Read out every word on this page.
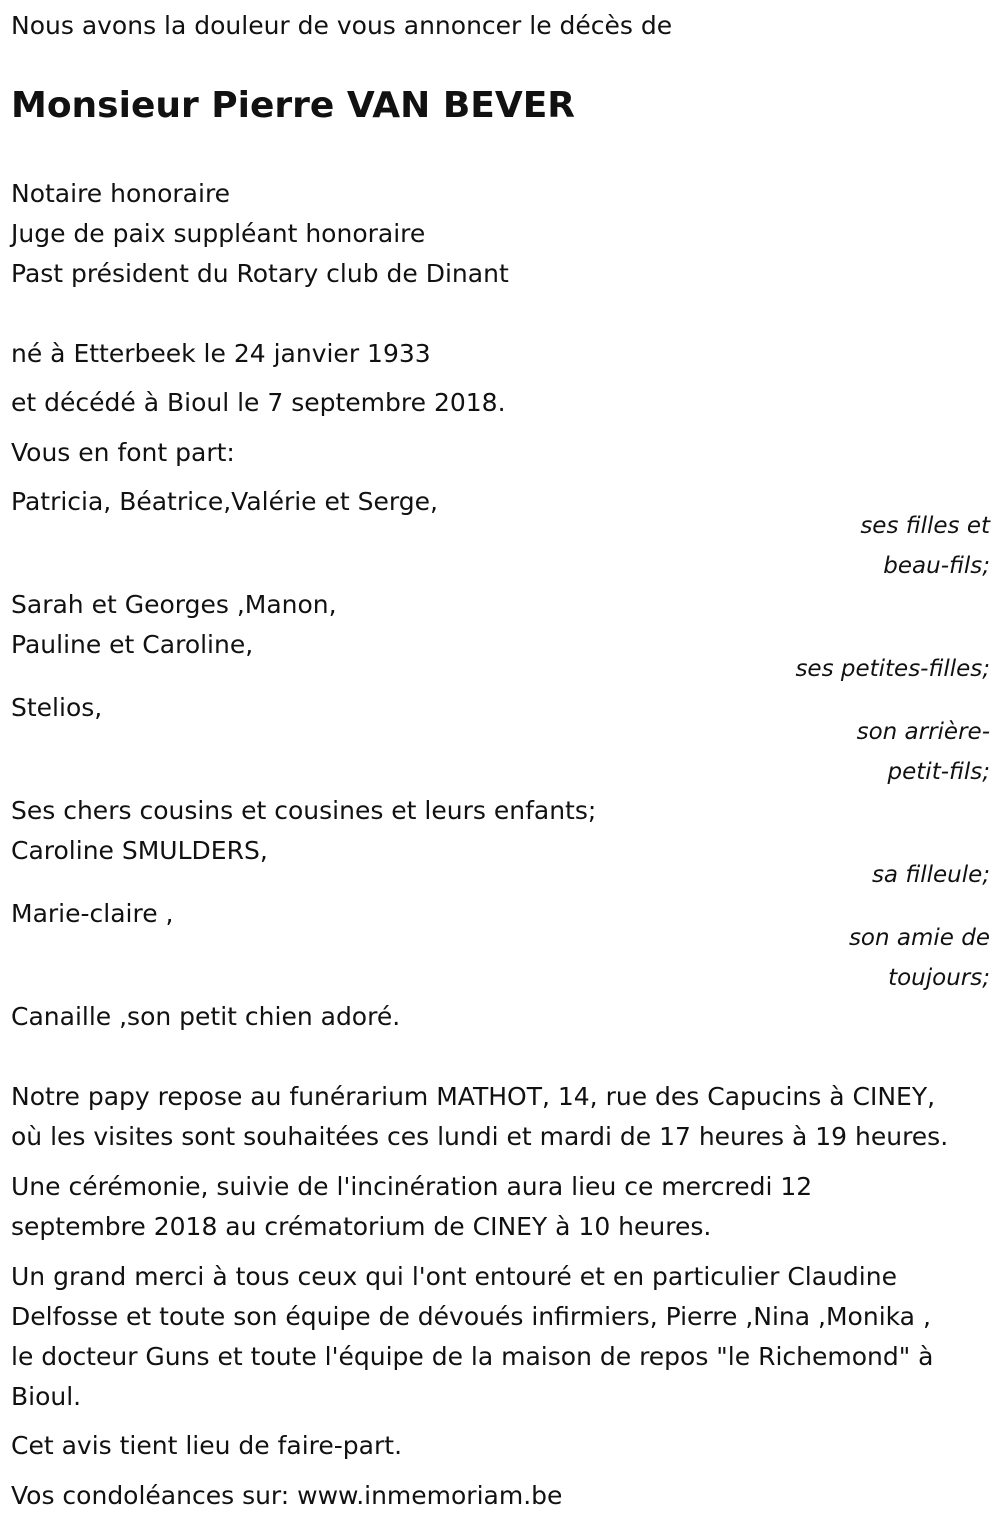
Nous avons la douleur de vous annoncer le décès de
Monsieur Pierre VAN BEVER
Notaire honoraire
Juge de paix suppléant honoraire
Past président du Rotary club de Dinant
né à Etterbeek le 24 janvier 1933
et décédé à Bioul le 7 septembre 2018.
Vous en font part:
Patricia, Béatrice,Valérie et Serge,
ses filles et
beau-fils;
Sarah et Georges ,Manon,
Pauline et Caroline,
ses petites-filles;
Stelios,
son arrière-
petit-fils;
Ses chers cousins et cousines et leurs enfants;
Caroline SMULDERS,
sa filleule;
Marie-claire ,
son amie de
toujours;
Canaille ,son petit chien adoré.
Notre papy repose au funérarium MATHOT, 14, rue des Capucins à CINEY,
où les visites sont souhaitées ces lundi et mardi de 17 heures à 19 heures.
Une cérémonie, suivie de l'incinération aura lieu ce mercredi 12
septembre 2018 au crématorium de CINEY à 10 heures.
Un grand merci à tous ceux qui l'ont entouré et en particulier Claudine
Delfosse et toute son équipe de dévoués infirmiers, Pierre ,Nina ,Monika ,
le docteur Guns et toute l'équipe de la maison de repos "le Richemond" à
Bioul.
Cet avis tient lieu de faire-part.
Vos condoléances sur: www.inmemoriam.be
